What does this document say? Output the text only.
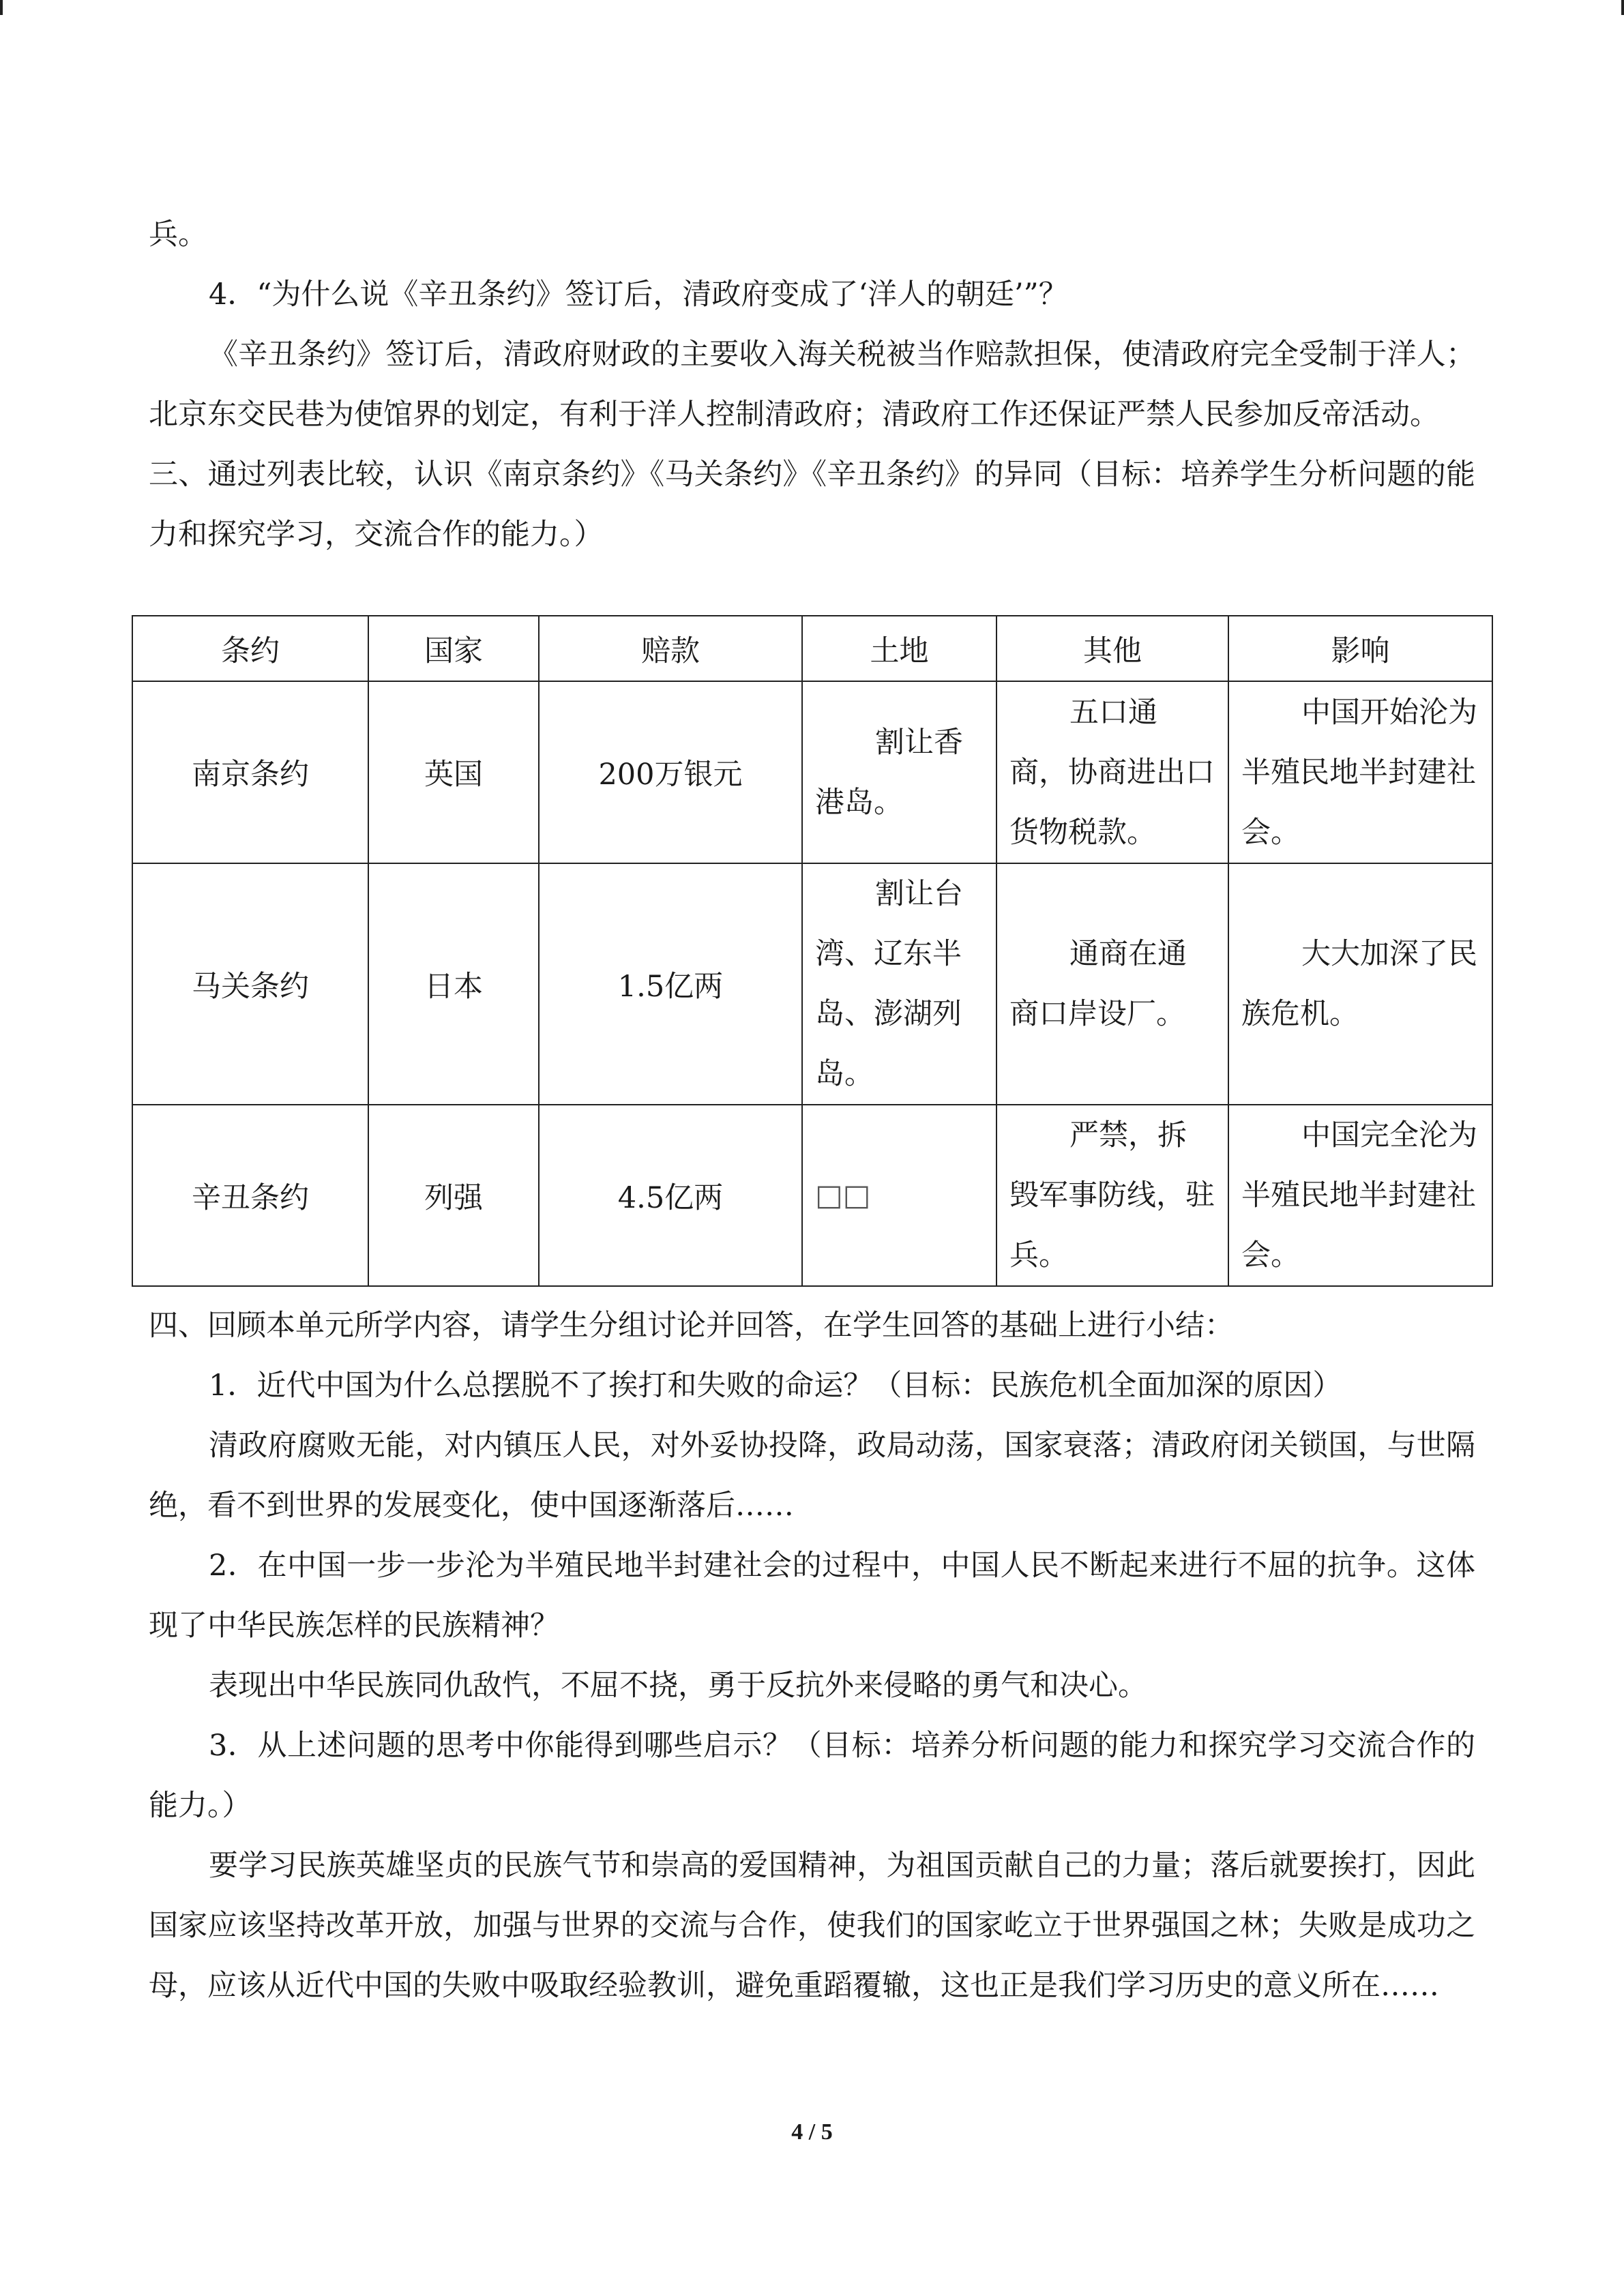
兵。

4．“为什么说《辛丑条约》签订后，清政府变成了‘洋人的朝廷’”？

《辛丑条约》签订后，清政府财政的主要收入海关税被当作赔款担保，使清政府完全受制于洋人；北京东交民巷为使馆界的划定，有利于洋人控制清政府；清政府工作还保证严禁人民参加反帝活动。

三、通过列表比较，认识《南京条约》《马关条约》《辛丑条约》的异同（目标：培养学生分析问题的能力和探究学习，交流合作的能力。）

条约	国家	赔款	土地	其他	影响
南京条约	英国	200万银元	割让香港岛。	五口通商，协商进出口货物税款。	中国开始沦为半殖民地半封建社会。

马关条约	日本	1.5亿两	割让台湾、辽东半岛、澎湖列岛。	通商在通商口岸设厂。	大大加深了民族危机。

辛丑条约	列强	4.5亿两	□□	严禁，拆毁军事防线，驻兵。	中国完全沦为半殖民地半封建社会。

四、回顾本单元所学内容，请学生分组讨论并回答，在学生回答的基础上进行小结：

1．近代中国为什么总摆脱不了挨打和失败的命运？（目标：民族危机全面加深的原因）

清政府腐败无能，对内镇压人民，对外妥协投降，政局动荡，国家衰落；清政府闭关锁国，与世隔绝，看不到世界的发展变化，使中国逐渐落后……

2．在中国一步一步沦为半殖民地半封建社会的过程中，中国人民不断起来进行不屈的抗争。这体现了中华民族怎样的民族精神？

表现出中华民族同仇敌忾，不屈不挠，勇于反抗外来侵略的勇气和决心。

3．从上述问题的思考中你能得到哪些启示？（目标：培养分析问题的能力和探究学习交流合作的能力。）

要学习民族英雄坚贞的民族气节和崇高的爱国精神，为祖国贡献自己的力量；落后就要挨打，因此国家应该坚持改革开放，加强与世界的交流与合作，使我们的国家屹立于世界强国之林；失败是成功之母，应该从近代中国的失败中吸取经验教训，避免重蹈覆辙，这也正是我们学习历史的意义所在……

4 / 5
